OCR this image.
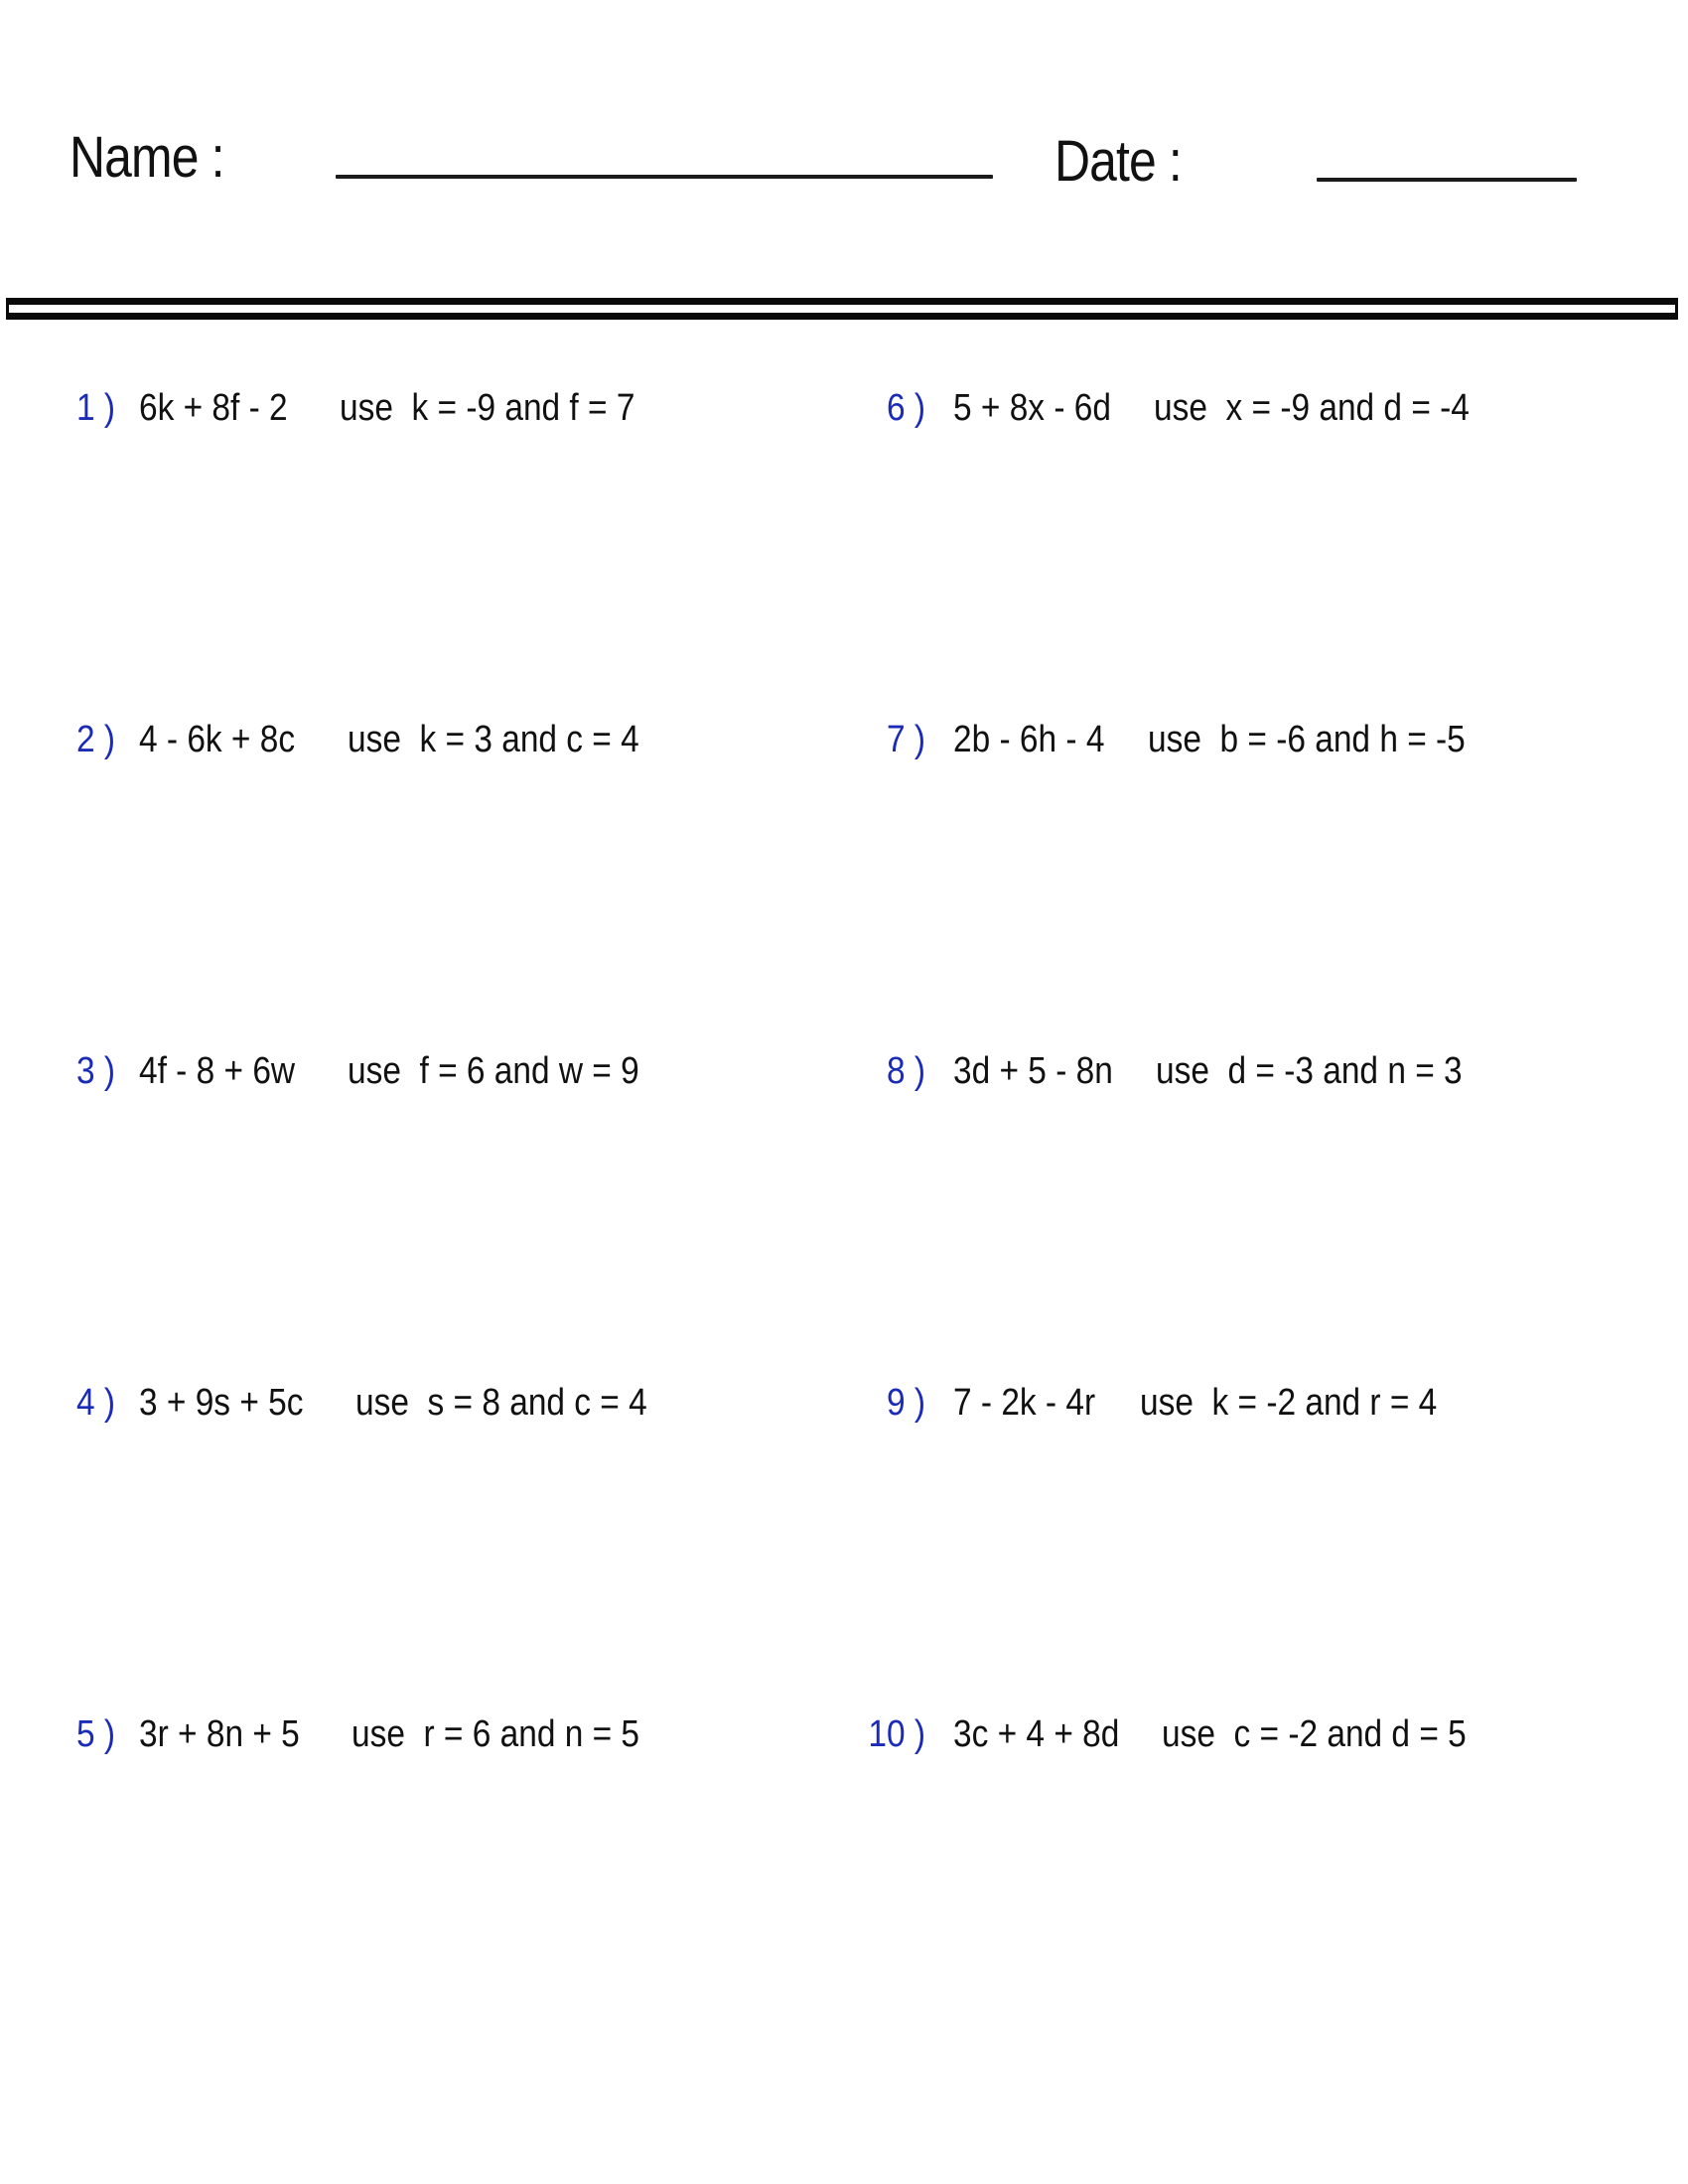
Name :	Date :
1 ) 6k + 8f - 2	use  k = -9 and f = 7
2 ) 4 - 6k + 8c	use  k = 3 and c = 4
3 ) 4f - 8 + 6w	use  f = 6 and w = 9
4 ) 3 + 9s + 5c	use  s = 8 and c = 4
5 ) 3r + 8n + 5	use  r = 6 and n = 5
6 ) 5 + 8x - 6d use  x = -9 and d = -4
7 ) 2b - 6h - 4 use  b = -6 and h = -5
8 ) 3d + 5 - 8n use  d = -3 and n = 3
9 ) 7 - 2k - 4r	use  k = -2 and r = 4
10 ) 3c + 4 + 8d use  c = -2 and d = 5
